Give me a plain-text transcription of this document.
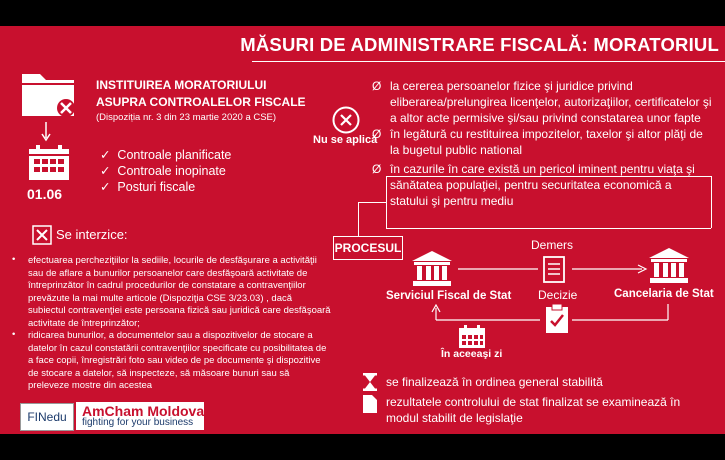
MĂSURI DE ADMINISTRARE FISCALĂ: MORATORIUL
01.06
INSTITUIREA MORATORIULUI
ASUPRA CONTROALELOR FISCALE
(Dispoziția nr. 3 din 23 martie 2020 a CSE)
✓  Controale planificate
✓  Controale inopinate
✓  Posturi fiscale
Se interzice:
• efectuarea percheziţiilor la sediile, locurile de desfăşurare a activităţii sau de aflare a bunurilor persoanelor care desfăşoară activitate de întreprinzător în cadrul procedurilor de constatare a contravenţiilor prevăzute la mai multe articole (Dispoziţia CSE 3/23.03) , dacă subiectul contravenţiei este persoana fizică sau juridică care desfăşoară activitate de întreprinzător;
• ridicarea bunurilor, a documentelor sau a dispozitivelor de stocare a datelor în cazul constatării contravenţiilor specificate cu posibilitatea de a face copii, înregistrări foto sau video de pe documente şi dispozitive de stocare a datelor, să inspecteze, să măsoare bunuri sau să preleveze mostre din acestea
FINedu	AmCham Moldova
fighting for your business
Nu se aplică
Ø la cererea persoanelor fizice şi juridice privind eliberarea/prelungirea licenţelor, autorizaţiilor, certificatelor şi a altor acte permisive şi/sau privind constatarea unor fapte
Ø în legătură cu restituirea impozitelor, taxelor şi altor plăţi de la bugetul public national
Ø în cazurile în care există un pericol iminent pentru viaţa şi sănătatea populaţiei, pentru securitatea economică a statului şi pentru mediu
PROCESUL
Serviciul Fiscal de Stat	Cancelaria de Stat
Demers
Decizie
În aceeaşi zi
se finalizează în ordinea general stabilită
rezultatele controlului de stat finalizat se examinează în modul stabilit de legislaţie
